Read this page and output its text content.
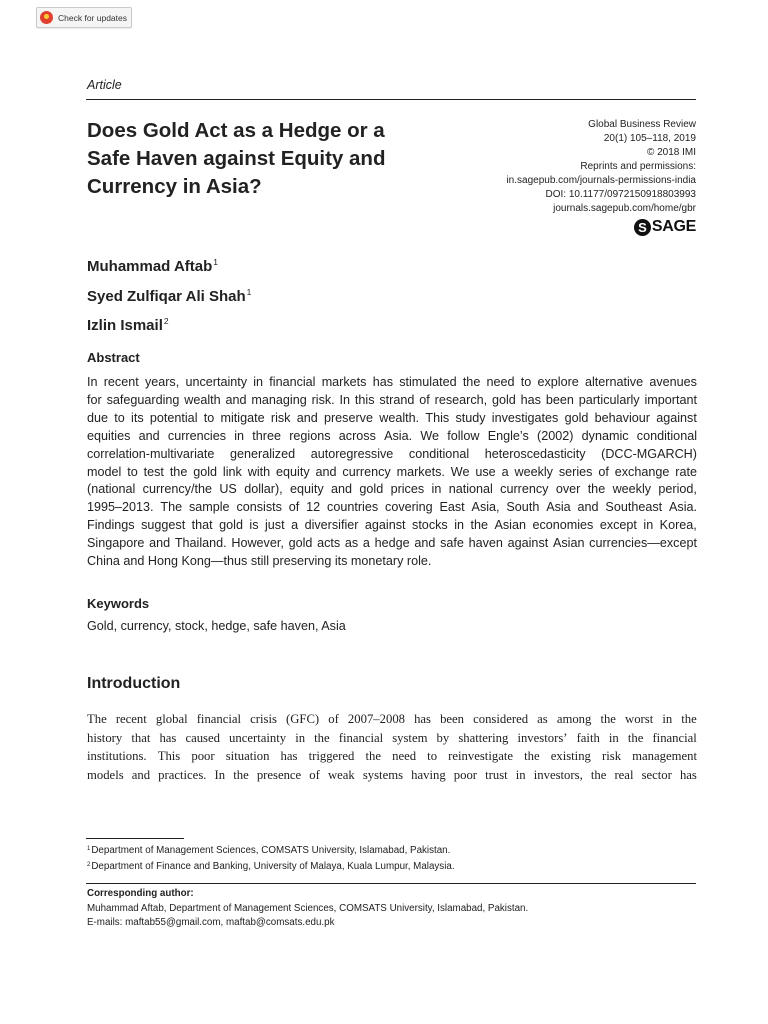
Check for updates
Article
Does Gold Act as a Hedge or a
Safe Haven against Equity and
Currency in Asia?
Global Business Review
20(1) 105–118, 2019
© 2018 IMI
Reprints and permissions:
in.sagepub.com/journals-permissions-india
DOI: 10.1177/0972150918803993
journals.sagepub.com/home/gbr
S SAGE
Muhammad Aftab$^1$
Syed Zulfiqar Ali Shah$^1$
Izlin Ismail$^2$
Abstract
In recent years, uncertainty in financial markets has stimulated the need to explore alternative avenues
for safeguarding wealth and managing risk. In this strand of research, gold has been particularly important
due to its potential to mitigate risk and preserve wealth. This study investigates gold behaviour against
equities and currencies in three regions across Asia. We follow Engle’s (2002) dynamic conditional
correlation-multivariate generalized autoregressive conditional heteroscedasticity (DCC-MGARCH)
model to test the gold link with equity and currency markets. We use a weekly series of exchange rate
(national currency/the US dollar), equity and gold prices in national currency over the weekly period,
1995–2013. The sample consists of 12 countries covering East Asia, South Asia and Southeast Asia.
Findings suggest that gold is just a diversifier against stocks in the Asian economies except in Korea,
Singapore and Thailand. However, gold acts as a hedge and safe haven against Asian currencies—except
China and Hong Kong—thus still preserving its monetary role.
Keywords
Gold, currency, stock, hedge, safe haven, Asia
Introduction
The recent global financial crisis (GFC) of 2007–2008 has been considered as among the worst in the
history that has caused uncertainty in the financial system by shattering investors’ faith in the financial
institutions. This poor situation has triggered the need to reinvestigate the existing risk management
models and practices. In the presence of weak systems having poor trust in investors, the real sector has
$^1$Department of Management Sciences, COMSATS University, Islamabad, Pakistan.
$^2$Department of Finance and Banking, University of Malaya, Kuala Lumpur, Malaysia.
Corresponding author:
Muhammad Aftab, Department of Management Sciences, COMSATS University, Islamabad, Pakistan.
E-mails: maftab55@gmail.com, maftab@comsats.edu.pk
